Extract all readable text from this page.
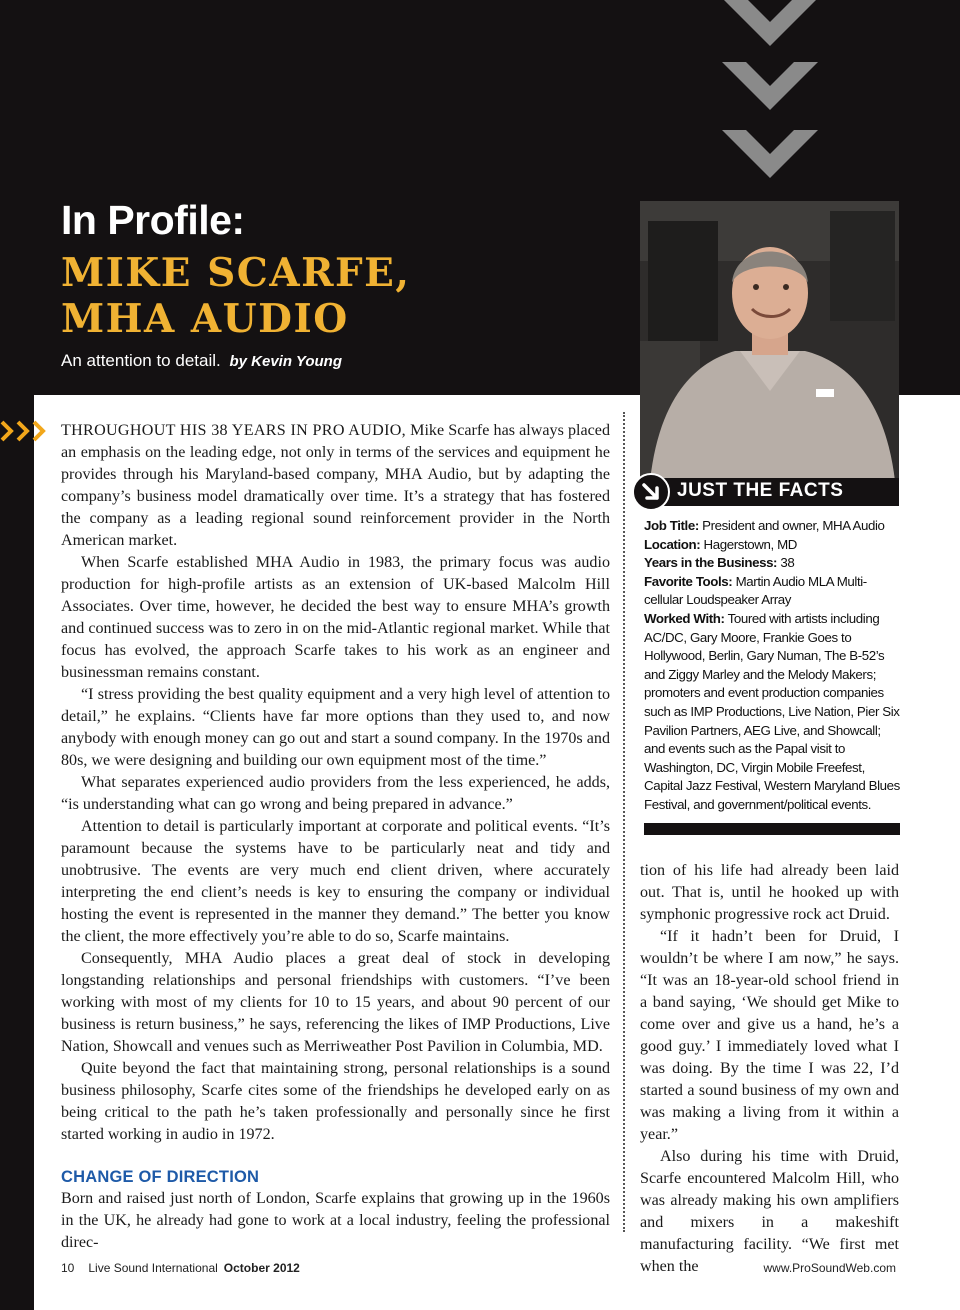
In Profile:
MIKE SCARFE,
MHA AUDIO
An attention to detail. by Kevin Young
JUST THE FACTS

Job Title: President and owner, MHA Audio

Location: Hagerstown, MD

Years in the Business: 38

Favorite Tools: Martin Audio MLA Multi-cellular Loudspeaker Array

Worked With: Toured with artists including AC/DC, Gary Moore, Frankie Goes to Hollywood, Berlin, Gary Numan, The B-52’s and Ziggy Marley and the Melody Makers; promoters and event production companies such as IMP Productions, Live Nation, Pier Six Pavilion Partners, AEG Live, and Showcall; and events such as the Papal visit to Washington, DC, Virgin Mobile Freefest, Capital Jazz Festival, Western Maryland Blues Festival, and government/political events.

THROUGHOUT HIS 38 YEARS IN PRO AUDIO, Mike Scarfe has always placed an emphasis on the leading edge, not only in terms of the services and equipment he provides through his Maryland-based company, MHA Audio, but by adapting the company’s business model dramatically over time. It’s a strategy that has fostered the company as a leading regional sound reinforcement provider in the North American market.

When Scarfe established MHA Audio in 1983, the primary focus was audio production for high-profile artists as an extension of UK-based Malcolm Hill Associates. Over time, however, he decided the best way to ensure MHA’s growth and continued success was to zero in on the mid-Atlantic regional market. While that focus has evolved, the approach Scarfe takes to his work as an engineer and businessman remains constant.

“I stress providing the best quality equipment and a very high level of attention to detail,” he explains. “Clients have far more options than they used to, and now anybody with enough money can go out and start a sound company. In the 1970s and 80s, we were designing and building our own equipment most of the time.”

What separates experienced audio providers from the less experienced, he adds, “is understanding what can go wrong and being prepared in advance.”

Attention to detail is particularly important at corporate and political events. “It’s paramount because the systems have to be particularly neat and tidy and unobtrusive. The events are very much end client driven, where accurately interpreting the end client’s needs is key to ensuring the company or individual hosting the event is represented in the manner they demand.” The better you know the client, the more effectively you’re able to do so, Scarfe maintains.

Consequently, MHA Audio places a great deal of stock in developing longstanding relationships and personal friendships with customers. “I’ve been working with most of my clients for 10 to 15 years, and about 90 percent of our business is return business,” he says, referencing the likes of IMP Productions, Live Nation, Showcall and venues such as Merriweather Post Pavilion in Columbia, MD.

Quite beyond the fact that maintaining strong, personal relationships is a sound business philosophy, Scarfe cites some of the friendships he developed early on as being critical to the path he’s taken professionally and personally since he first started working in audio in 1972.

CHANGE OF DIRECTION

Born and raised just north of London, Scarfe explains that growing up in the 1960s in the UK, he already had gone to work at a local industry, feeling the professional direc-

tion of his life had already been laid out. That is, until he hooked up with symphonic progressive rock act Druid.

“If it hadn’t been for Druid, I wouldn’t be where I am now,” he says. “It was an 18-year-old school friend in a band saying, ‘We should get Mike to come over and give us a hand, he’s a good guy.’ I immediately loved what I was doing. By the time I was 22, I’d started a sound business of my own and was making a living from it within a year.”

Also during his time with Druid, Scarfe encountered Malcolm Hill, who was already making his own amplifiers and mixers in a makeshift manufacturing facility. “We first met when the

10 Live Sound International October 2012	www.ProSoundWeb.com
